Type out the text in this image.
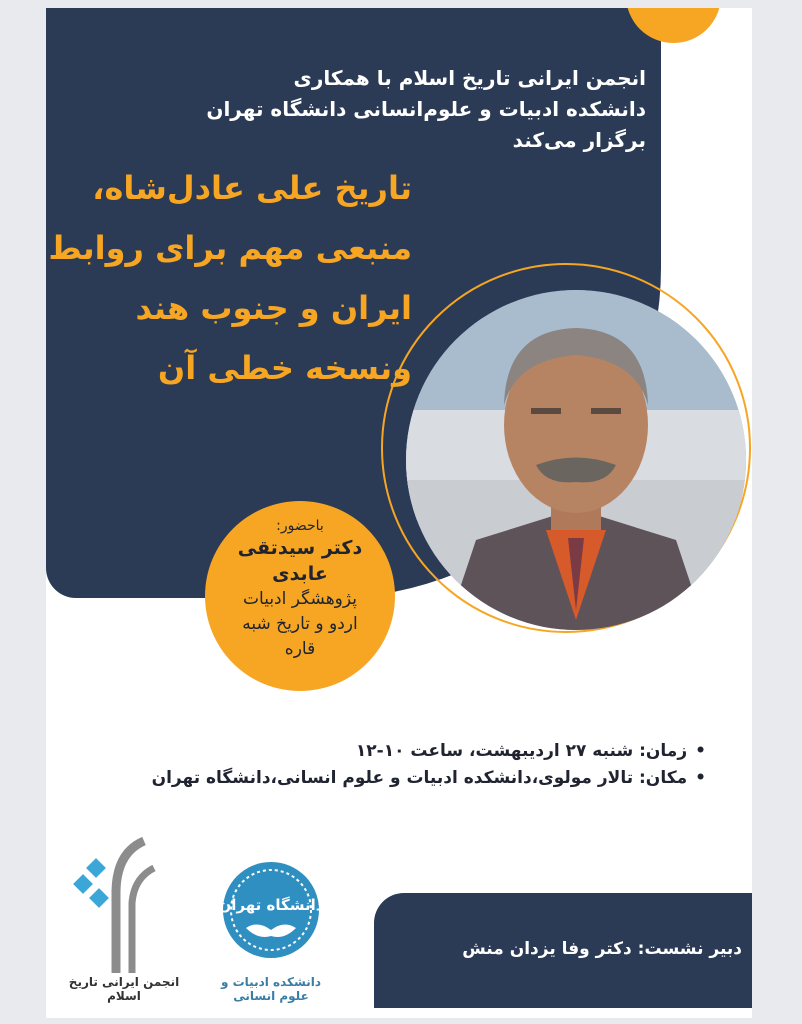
انجمن ایرانی تاریخ اسلام با همکاری
دانشکده ادبیات و علوم‌انسانی دانشگاه تهران
برگزار می‌کند
تاریخ علی عادل‌شاه،
منبعی مهم برای روابط
ایران و جنوب هند
ونسخه خطی آن
باحضور:
دکتر سیدتقی
عابدی
پژوهشگر ادبیات
اردو و تاریخ شبه
قاره
•زمان: شنبه ۲۷ اردیبهشت، ساعت ۱۰-۱۲
•مکان: تالار مولوی،دانشکده ادبیات و علوم انسانی،دانشگاه تهران
انجمن ایرانی تاریخ اسلام
دانشگاه تهران
دانشکده ادبیات و علوم انسانی
دبیر نشست: دکتر وفا یزدان منش
